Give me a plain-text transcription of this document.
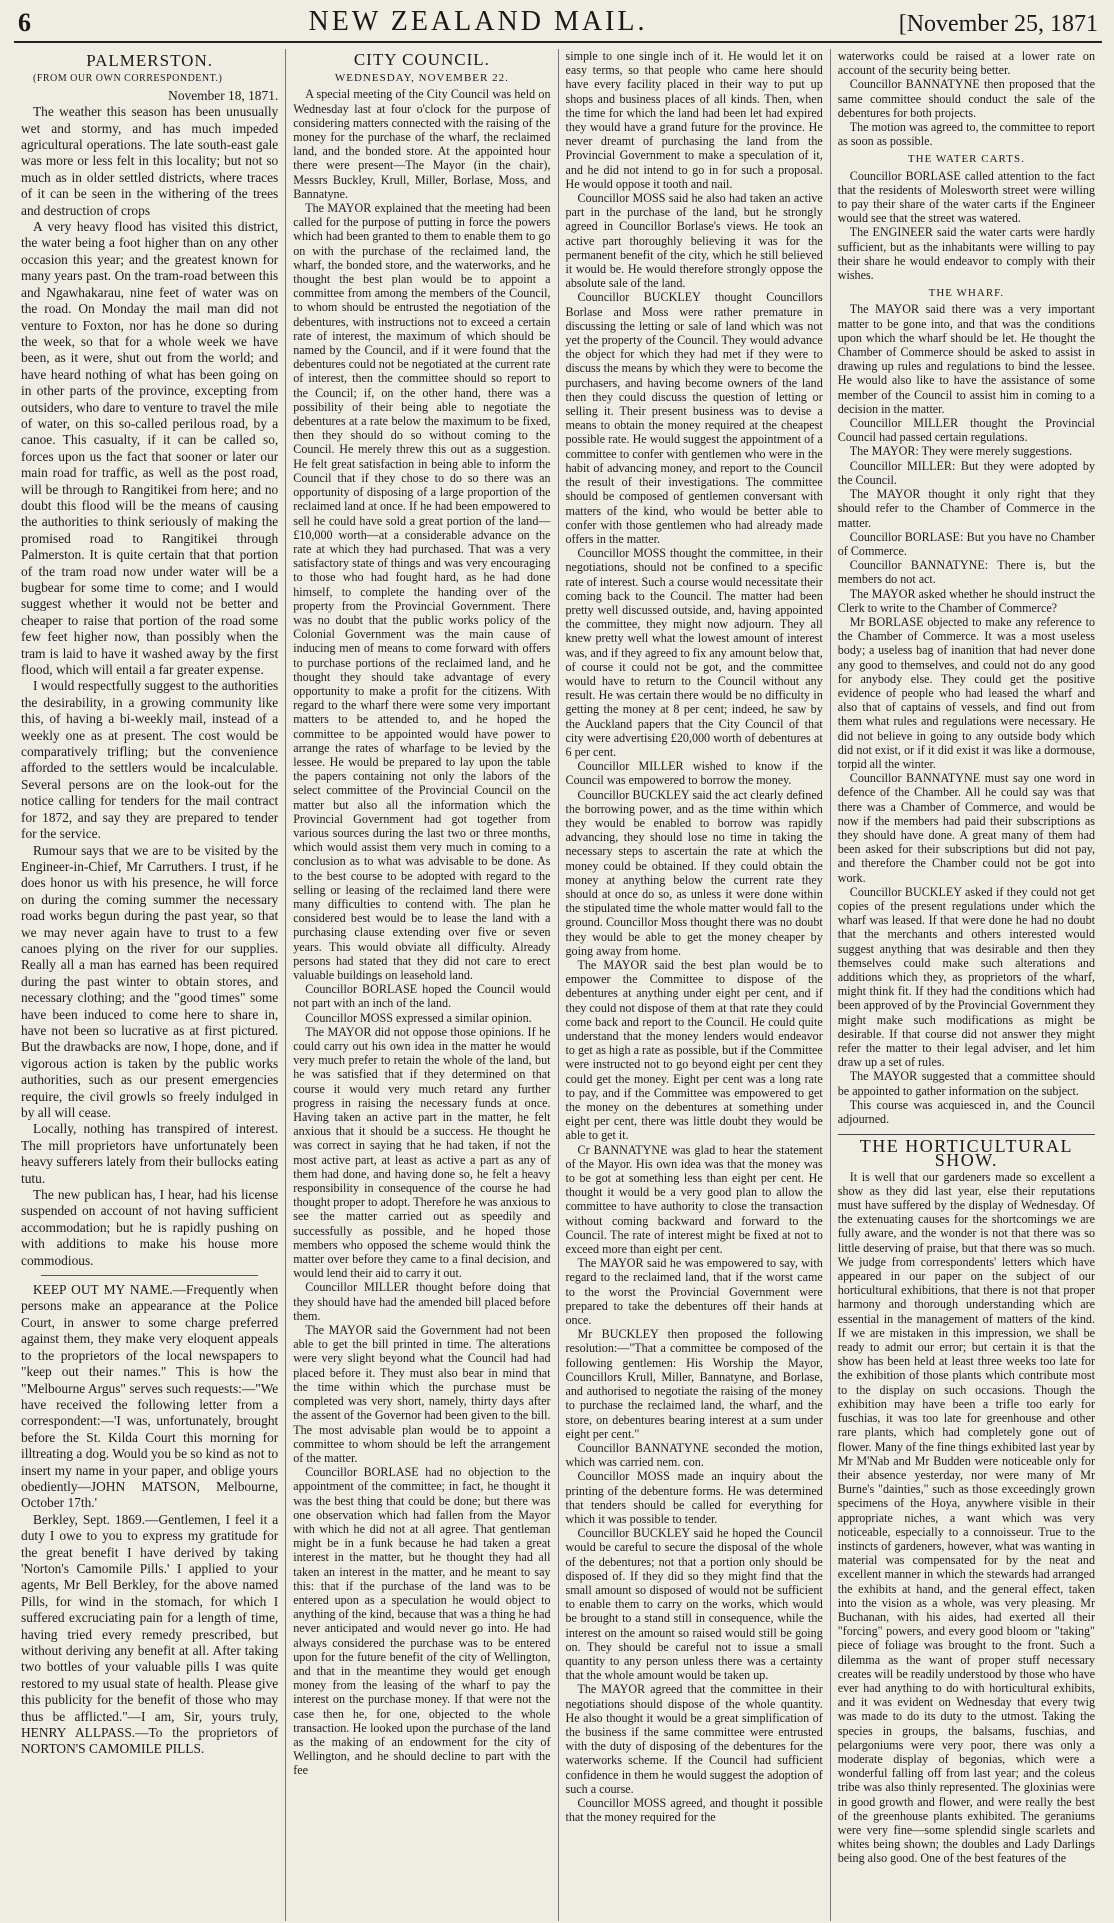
6	NEW ZEALAND MAIL.	[November 25, 1871
PALMERSTON.

(FROM OUR OWN CORRESPONDENT.)

November 18, 1871.

The weather this season has been unusually wet and stormy, and has much impeded agricultural operations. The late south-east gale was more or less felt in this locality; but not so much as in older settled districts, where traces of it can be seen in the withering of the trees and destruction of crops

A very heavy flood has visited this district, the water being a foot higher than on any other occasion this year; and the greatest known for many years past. On the tram-road between this and Ngawhakarau, nine feet of water was on the road. On Monday the mail man did not venture to Foxton, nor has he done so during the week, so that for a whole week we have been, as it were, shut out from the world; and have heard nothing of what has been going on in other parts of the province, excepting from outsiders, who dare to venture to travel the mile of water, on this so-called perilous road, by a canoe. This casualty, if it can be called so, forces upon us the fact that sooner or later our main road for traffic, as well as the post road, will be through to Rangitikei from here; and no doubt this flood will be the means of causing the authorities to think seriously of making the promised road to Rangitikei through Palmerston. It is quite certain that that portion of the tram road now under water will be a bugbear for some time to come; and I would suggest whether it would not be better and cheaper to raise that portion of the road some few feet higher now, than possibly when the tram is laid to have it washed away by the first flood, which will entail a far greater expense.

I would respectfully suggest to the authorities the desirability, in a growing community like this, of having a bi-weekly mail, instead of a weekly one as at present. The cost would be comparatively trifling; but the convenience afforded to the settlers would be incalculable. Several persons are on the look-out for the notice calling for tenders for the mail contract for 1872, and say they are prepared to tender for the service.

Rumour says that we are to be visited by the Engineer-in-Chief, Mr Carruthers. I trust, if he does honor us with his presence, he will force on during the coming summer the necessary road works begun during the past year, so that we may never again have to trust to a few canoes plying on the river for our supplies. Really all a man has earned has been required during the past winter to obtain stores, and necessary clothing; and the "good times" some have been induced to come here to share in, have not been so lucrative as at first pictured. But the drawbacks are now, I hope, done, and if vigorous action is taken by the public works authorities, such as our present emergencies require, the civil growls so freely indulged in by all will cease.

Locally, nothing has transpired of interest. The mill proprietors have unfortunately been heavy sufferers lately from their bullocks eating tutu.

The new publican has, I hear, had his license suspended on account of not having sufficient accommodation; but he is rapidly pushing on with additions to make his house more commodious.

KEEP OUT MY NAME.—Frequently when persons make an appearance at the Police Court, in answer to some charge preferred against them, they make very eloquent appeals to the proprietors of the local newspapers to "keep out their names." This is how the "Melbourne Argus" serves such requests:—"We have received the following letter from a correspondent:—'I was, unfortunately, brought before the St. Kilda Court this morning for illtreating a dog. Would you be so kind as not to insert my name in your paper, and oblige yours obediently—JOHN MATSON, Melbourne, October 17th.'

Berkley, Sept. 1869.—Gentlemen, I feel it a duty I owe to you to express my gratitude for the great benefit I have derived by taking 'Norton's Camomile Pills.' I applied to your agents, Mr Bell Berkley, for the above named Pills, for wind in the stomach, for which I suffered excruciating pain for a length of time, having tried every remedy prescribed, but without deriving any benefit at all. After taking two bottles of your valuable pills I was quite restored to my usual state of health. Please give this publicity for the benefit of those who may thus be afflicted."—I am, Sir, yours truly, HENRY ALLPASS.—To the proprietors of NORTON'S CAMOMILE PILLS.

CITY COUNCIL.
WEDNESDAY, NOVEMBER 22.

A special meeting of the City Council was held on Wednesday last at four o'clock for the purpose of considering matters connected with the raising of the money for the purchase of the wharf, the reclaimed land, and the bonded store. At the appointed hour there were present—The Mayor (in the chair), Messrs Buckley, Krull, Miller, Borlase, Moss, and Bannatyne.

The MAYOR explained that the meeting had been called for the purpose of putting in force the powers which had been granted to them to enable them to go on with the purchase of the reclaimed land, the wharf, the bonded store, and the waterworks, and he thought the best plan would be to appoint a committee from among the members of the Council, to whom should be entrusted the negotiation of the debentures, with instructions not to exceed a certain rate of interest, the maximum of which should be named by the Council, and if it were found that the debentures could not be negotiated at the current rate of interest, then the committee should so report to the Council; if, on the other hand, there was a possibility of their being able to negotiate the debentures at a rate below the maximum to be fixed, then they should do so without coming to the Council. He merely threw this out as a suggestion. He felt great satisfaction in being able to inform the Council that if they chose to do so there was an opportunity of disposing of a large proportion of the reclaimed land at once. If he had been empowered to sell he could have sold a great portion of the land—£10,000 worth—at a considerable advance on the rate at which they had purchased. That was a very satisfactory state of things and was very encouraging to those who had fought hard, as he had done himself, to complete the handing over of the property from the Provincial Government. There was no doubt that the public works policy of the Colonial Government was the main cause of inducing men of means to come forward with offers to purchase portions of the reclaimed land, and he thought they should take advantage of every opportunity to make a profit for the citizens. With regard to the wharf there were some very important matters to be attended to, and he hoped the committee to be appointed would have power to arrange the rates of wharfage to be levied by the lessee. He would be prepared to lay upon the table the papers containing not only the labors of the select committee of the Provincial Council on the matter but also all the information which the Provincial Government had got together from various sources during the last two or three months, which would assist them very much in coming to a conclusion as to what was advisable to be done. As to the best course to be adopted with regard to the selling or leasing of the reclaimed land there were many difficulties to contend with. The plan he considered best would be to lease the land with a purchasing clause extending over five or seven years. This would obviate all difficulty. Already persons had stated that they did not care to erect valuable buildings on leasehold land.

Councillor BORLASE hoped the Council would not part with an inch of the land.

Councillor MOSS expressed a similar opinion.

The MAYOR did not oppose those opinions. If he could carry out his own idea in the matter he would very much prefer to retain the whole of the land, but he was satisfied that if they determined on that course it would very much retard any further progress in raising the necessary funds at once. Having taken an active part in the matter, he felt anxious that it should be a success. He thought he was correct in saying that he had taken, if not the most active part, at least as active a part as any of them had done, and having done so, he felt a heavy responsibility in consequence of the course he had thought proper to adopt. Therefore he was anxious to see the matter carried out as speedily and successfully as possible, and he hoped those members who opposed the scheme would think the matter over before they came to a final decision, and would lend their aid to carry it out.

Councillor MILLER thought before doing that they should have had the amended bill placed before them.

The MAYOR said the Government had not been able to get the bill printed in time. The alterations were very slight beyond what the Council had had placed before it. They must also bear in mind that the time within which the purchase must be completed was very short, namely, thirty days after the assent of the Governor had been given to the bill. The most advisable plan would be to appoint a committee to whom should be left the arrangement of the matter.

Councillor BORLASE had no objection to the appointment of the committee; in fact, he thought it was the best thing that could be done; but there was one observation which had fallen from the Mayor with which he did not at all agree. That gentleman might be in a funk because he had taken a great interest in the matter, but he thought they had all taken an interest in the matter, and he meant to say this: that if the purchase of the land was to be entered upon as a speculation he would object to anything of the kind, because that was a thing he had never anticipated and would never go into. He had always considered the purchase was to be entered upon for the future benefit of the city of Wellington, and that in the meantime they would get enough money from the leasing of the wharf to pay the interest on the purchase money. If that were not the case then he, for one, objected to the whole transaction. He looked upon the purchase of the land as the making of an endowment for the city of Wellington, and he should decline to part with the fee

simple to one single inch of it. He would let it on easy terms, so that people who came here should have every facility placed in their way to put up shops and business places of all kinds. Then, when the time for which the land had been let had expired they would have a grand future for the province. He never dreamt of purchasing the land from the Provincial Government to make a speculation of it, and he did not intend to go in for such a proposal. He would oppose it tooth and nail.

Councillor MOSS said he also had taken an active part in the purchase of the land, but he strongly agreed in Councillor Borlase's views. He took an active part thoroughly believing it was for the permanent benefit of the city, which he still believed it would be. He would therefore strongly oppose the absolute sale of the land.

Councillor BUCKLEY thought Councillors Borlase and Moss were rather premature in discussing the letting or sale of land which was not yet the property of the Council. They would advance the object for which they had met if they were to discuss the means by which they were to become the purchasers, and having become owners of the land then they could discuss the question of letting or selling it. Their present business was to devise a means to obtain the money required at the cheapest possible rate. He would suggest the appointment of a committee to confer with gentlemen who were in the habit of advancing money, and report to the Council the result of their investigations. The committee should be composed of gentlemen conversant with matters of the kind, who would be better able to confer with those gentlemen who had already made offers in the matter.

Councillor MOSS thought the committee, in their negotiations, should not be confined to a specific rate of interest. Such a course would necessitate their coming back to the Council. The matter had been pretty well discussed outside, and, having appointed the committee, they might now adjourn. They all knew pretty well what the lowest amount of interest was, and if they agreed to fix any amount below that, of course it could not be got, and the committee would have to return to the Council without any result. He was certain there would be no difficulty in getting the money at 8 per cent; indeed, he saw by the Auckland papers that the City Council of that city were advertising £20,000 worth of debentures at 6 per cent.

Councillor MILLER wished to know if the Council was empowered to borrow the money.

Councillor BUCKLEY said the act clearly defined the borrowing power, and as the time within which they would be enabled to borrow was rapidly advancing, they should lose no time in taking the necessary steps to ascertain the rate at which the money could be obtained. If they could obtain the money at anything below the current rate they should at once do so, as unless it were done within the stipulated time the whole matter would fall to the ground. Councillor Moss thought there was no doubt they would be able to get the money cheaper by going away from home.

The MAYOR said the best plan would be to empower the Committee to dispose of the debentures at anything under eight per cent, and if they could not dispose of them at that rate they could come back and report to the Council. He could quite understand that the money lenders would endeavor to get as high a rate as possible, but if the Committee were instructed not to go beyond eight per cent they could get the money. Eight per cent was a long rate to pay, and if the Committee was empowered to get the money on the debentures at something under eight per cent, there was little doubt they would be able to get it.

Cr BANNATYNE was glad to hear the statement of the Mayor. His own idea was that the money was to be got at something less than eight per cent. He thought it would be a very good plan to allow the committee to have authority to close the transaction without coming backward and forward to the Council. The rate of interest might be fixed at not to exceed more than eight per cent.

The MAYOR said he was empowered to say, with regard to the reclaimed land, that if the worst came to the worst the Provincial Government were prepared to take the debentures off their hands at once.

Mr BUCKLEY then proposed the following resolution:—"That a committee be composed of the following gentlemen: His Worship the Mayor, Councillors Krull, Miller, Bannatyne, and Borlase, and authorised to negotiate the raising of the money to purchase the reclaimed land, the wharf, and the store, on debentures bearing interest at a sum under eight per cent."

Councillor BANNATYNE seconded the motion, which was carried nem. con.

Councillor MOSS made an inquiry about the printing of the debenture forms. He was determined that tenders should be called for everything for which it was possible to tender.

Councillor BUCKLEY said he hoped the Council would be careful to secure the disposal of the whole of the debentures; not that a portion only should be disposed of. If they did so they might find that the small amount so disposed of would not be sufficient to enable them to carry on the works, which would be brought to a stand still in consequence, while the interest on the amount so raised would still be going on. They should be careful not to issue a small quantity to any person unless there was a certainty that the whole amount would be taken up.

The MAYOR agreed that the committee in their negotiations should dispose of the whole quantity. He also thought it would be a great simplification of the business if the same committee were entrusted with the duty of disposing of the debentures for the waterworks scheme. If the Council had sufficient confidence in them he would suggest the adoption of such a course.

Councillor MOSS agreed, and thought it possible that the money required for the

waterworks could be raised at a lower rate on account of the security being better.

Councillor BANNATYNE then proposed that the same committee should conduct the sale of the debentures for both projects.

The motion was agreed to, the committee to report as soon as possible.

THE WATER CARTS.

Councillor BORLASE called attention to the fact that the residents of Molesworth street were willing to pay their share of the water carts if the Engineer would see that the street was watered.

The ENGINEER said the water carts were hardly sufficient, but as the inhabitants were willing to pay their share he would endeavor to comply with their wishes.

THE WHARF.

The MAYOR said there was a very important matter to be gone into, and that was the conditions upon which the wharf should be let. He thought the Chamber of Commerce should be asked to assist in drawing up rules and regulations to bind the lessee. He would also like to have the assistance of some member of the Council to assist him in coming to a decision in the matter.

Councillor MILLER thought the Provincial Council had passed certain regulations.

The MAYOR: They were merely suggestions.

Councillor MILLER: But they were adopted by the Council.

The MAYOR thought it only right that they should refer to the Chamber of Commerce in the matter.

Councillor BORLASE: But you have no Chamber of Commerce.

Councillor BANNATYNE: There is, but the members do not act.

The MAYOR asked whether he should instruct the Clerk to write to the Chamber of Commerce?

Mr BORLASE objected to make any reference to the Chamber of Commerce. It was a most useless body; a useless bag of inanition that had never done any good to themselves, and could not do any good for anybody else. They could get the positive evidence of people who had leased the wharf and also that of captains of vessels, and find out from them what rules and regulations were necessary. He did not believe in going to any outside body which did not exist, or if it did exist it was like a dormouse, torpid all the winter.

Councillor BANNATYNE must say one word in defence of the Chamber. All he could say was that there was a Chamber of Commerce, and would be now if the members had paid their subscriptions as they should have done. A great many of them had been asked for their subscriptions but did not pay, and therefore the Chamber could not be got into work.

Councillor BUCKLEY asked if they could not get copies of the present regulations under which the wharf was leased. If that were done he had no doubt that the merchants and others interested would suggest anything that was desirable and then they themselves could make such alterations and additions which they, as proprietors of the wharf, might think fit. If they had the conditions which had been approved of by the Provincial Government they might make such modifications as might be desirable. If that course did not answer they might refer the matter to their legal adviser, and let him draw up a set of rules.

The MAYOR suggested that a committee should be appointed to gather information on the subject.

This course was acquiesced in, and the Council adjourned.

THE HORTICULTURAL SHOW.

It is well that our gardeners made so excellent a show as they did last year, else their reputations must have suffered by the display of Wednesday. Of the extenuating causes for the shortcomings we are fully aware, and the wonder is not that there was so little deserving of praise, but that there was so much. We judge from correspondents' letters which have appeared in our paper on the subject of our horticultural exhibitions, that there is not that proper harmony and thorough understanding which are essential in the management of matters of the kind. If we are mistaken in this impression, we shall be ready to admit our error; but certain it is that the show has been held at least three weeks too late for the exhibition of those plants which contribute most to the display on such occasions. Though the exhibition may have been a trifle too early for fuschias, it was too late for greenhouse and other rare plants, which had completely gone out of flower. Many of the fine things exhibited last year by Mr M'Nab and Mr Budden were noticeable only for their absence yesterday, nor were many of Mr Burne's "dainties," such as those exceedingly grown specimens of the Hoya, anywhere visible in their appropriate niches, a want which was very noticeable, especially to a connoisseur. True to the instincts of gardeners, however, what was wanting in material was compensated for by the neat and excellent manner in which the stewards had arranged the exhibits at hand, and the general effect, taken into the vision as a whole, was very pleasing. Mr Buchanan, with his aides, had exerted all their "forcing" powers, and every good bloom or "taking" piece of foliage was brought to the front. Such a dilemma as the want of proper stuff necessary creates will be readily understood by those who have ever had anything to do with horticultural exhibits, and it was evident on Wednesday that every twig was made to do its duty to the utmost. Taking the species in groups, the balsams, fuschias, and pelargoniums were very poor, there was only a moderate display of begonias, which were a wonderful falling off from last year; and the coleus tribe was also thinly represented. The gloxinias were in good growth and flower, and were really the best of the greenhouse plants exhibited. The geraniums were very fine—some splendid single scarlets and whites being shown; the doubles and Lady Darlings being also good. One of the best features of the
